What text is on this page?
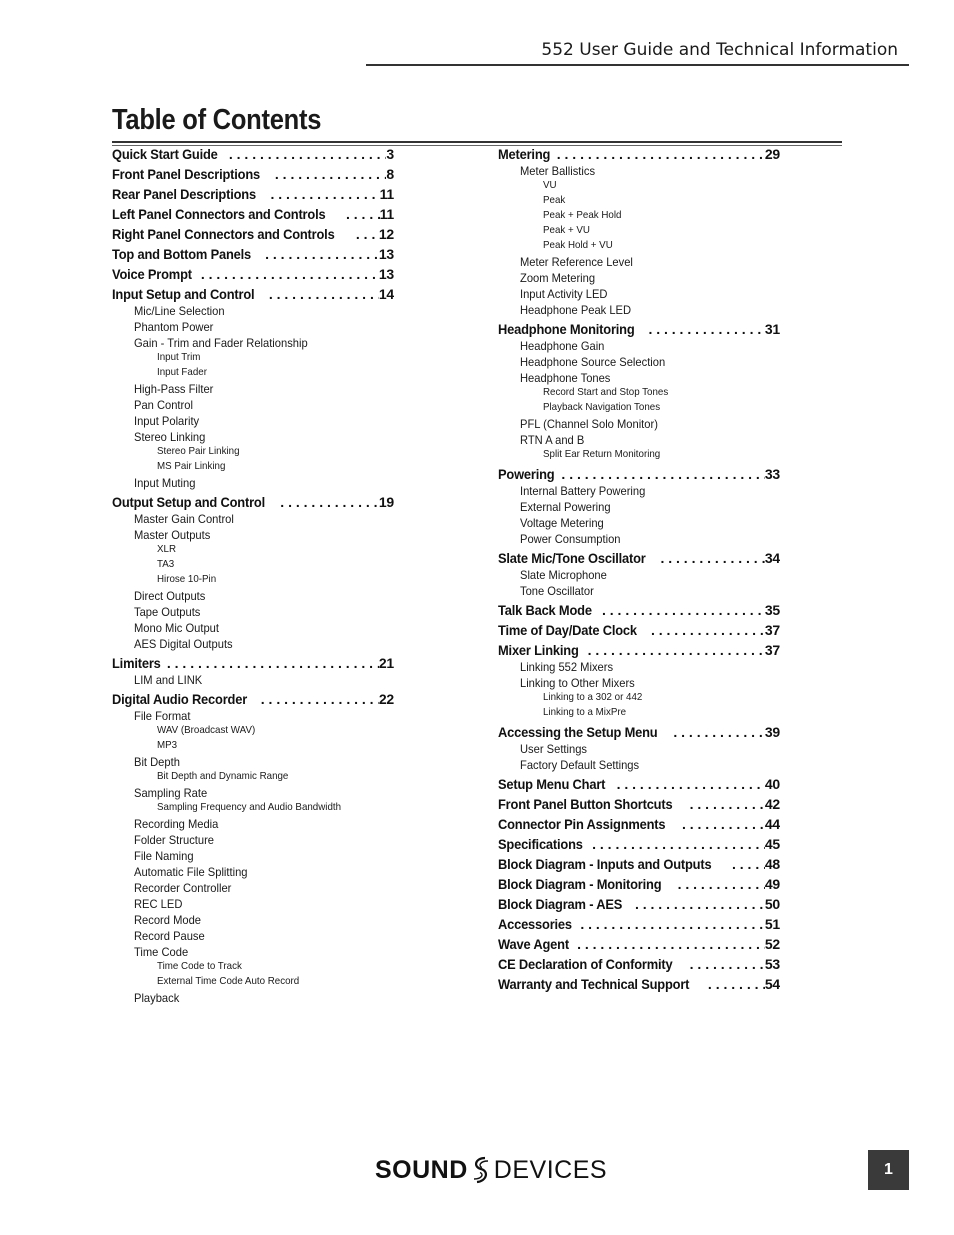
552 User Guide and Technical Information
Table of Contents
Quick Start Guide . . .	3
Front Panel Descriptions . . .	8
Rear Panel Descriptions . . .	11
Left Panel Connectors and Controls . . .	11
Right Panel Connectors and Controls . . .	12
Top and Bottom Panels . . .	13
Voice Prompt . . .	13
Input Setup and Control . . .	14
Mic/Line Selection
Phantom Power
Gain - Trim and Fader Relationship
Input Trim
Input Fader
High-Pass Filter
Pan Control
Input Polarity
Stereo Linking
Stereo Pair Linking
MS Pair Linking
Input Muting
Output Setup and Control . . .	19
Master Gain Control
Master Outputs
XLR
TA3
Hirose 10-Pin
Direct Outputs
Tape Outputs
Mono Mic Output
AES Digital Outputs
Limiters . . .	21
LIM and LINK
Digital Audio Recorder . . .	22
File Format
WAV (Broadcast WAV)
MP3
Bit Depth
Bit Depth and Dynamic Range
Sampling Rate
Sampling Frequency and Audio Bandwidth
Recording Media
Folder Structure
File Naming
Automatic File Splitting
Recorder Controller
REC LED
Record Mode
Record Pause
Time Code
Time Code to Track
External Time Code Auto Record
Playback
Metering . . .	29
Meter Ballistics
VU
Peak
Peak + Peak Hold
Peak + VU
Peak Hold + VU
Meter Reference Level
Zoom Metering
Input Activity LED
Headphone Peak LED
Headphone Monitoring . . .	31
Headphone Gain
Headphone Source Selection
Headphone Tones
Record Start and Stop Tones
Playback Navigation Tones
PFL (Channel Solo Monitor)
RTN A and B
Split Ear Return Monitoring
Powering . . .	33
Internal Battery Powering
External Powering
Voltage Metering
Power Consumption
Slate Mic/Tone Oscillator . . .	34
Slate Microphone
Tone Oscillator
Talk Back Mode . . .	35
Time of Day/Date Clock . . .	37
Mixer Linking . . .	37
Linking 552 Mixers
Linking to Other Mixers
Linking to a 302 or 442
Linking to a MixPre
Accessing the Setup Menu . . .	39
User Settings
Factory Default Settings
Setup Menu Chart . . .	40
Front Panel Button Shortcuts . . .	42
Connector Pin Assignments . . .	44
Specifications . . .	45
Block Diagram - Inputs and Outputs . . .	48
Block Diagram - Monitoring . . .	49
Block Diagram - AES . . .	50
Accessories . . .	51
Wave Agent . . .	52
CE Declaration of Conformity . . .	53
Warranty and Technical Support . . .	54
SOUND DEVICES	1
